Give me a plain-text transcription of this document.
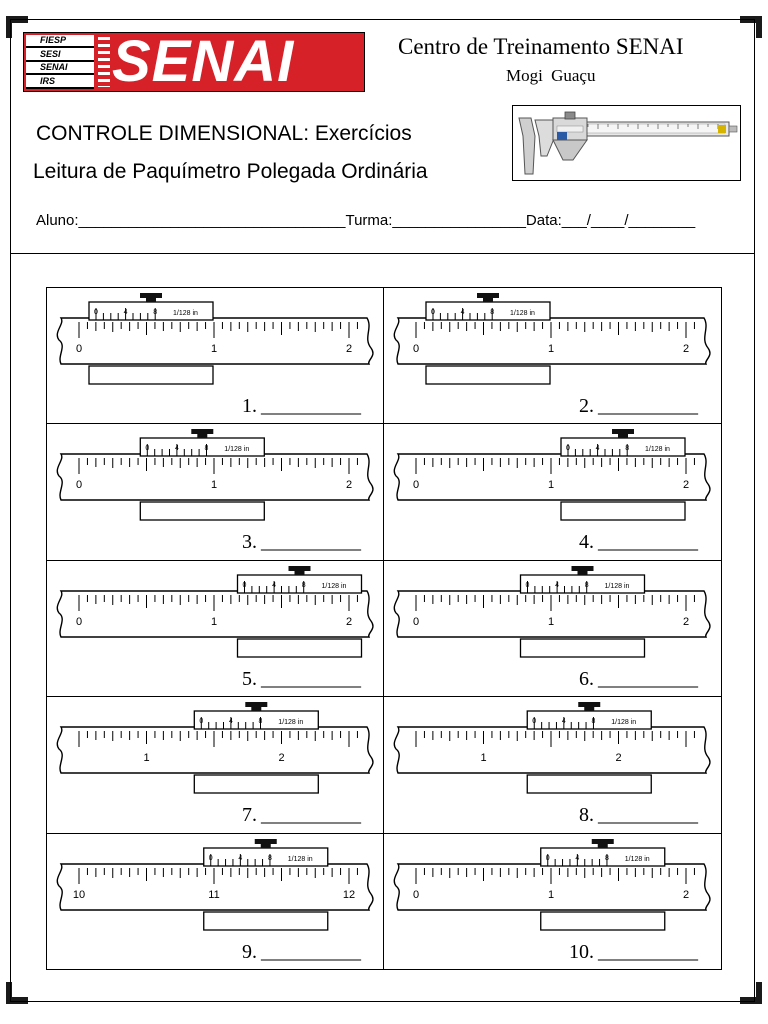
FIESP
SESI
SENAI
IRS SENAI	Centro de Treinamento SENAI
Mogi Guaçu
CONTROLE DIMENSIONAL: Exercícios
Leitura de Paquímetro Polegada Ordinária
Aluno:________________________________Turma:________________Data:___/____/________
0	1	2
0	4	8 1/128 in
1. __________
0	1	2
0	4	8 1/128 in
2. __________
0	1	2
0	4	8 1/128 in
3. __________
0	1	2
0	4	8 1/128 in
4. __________
0	1	2
0	4	8 1/128 in
5. __________
0	1	2
0	4	8 1/128 in
6. __________
1	2
0	4	8 1/128 in
7. __________
1	2
0	4	8 1/128 in
8. __________
10	11	12
0	4	8 1/128 in
9. __________
0	1	2
0	4	8 1/128 in
10. __________
